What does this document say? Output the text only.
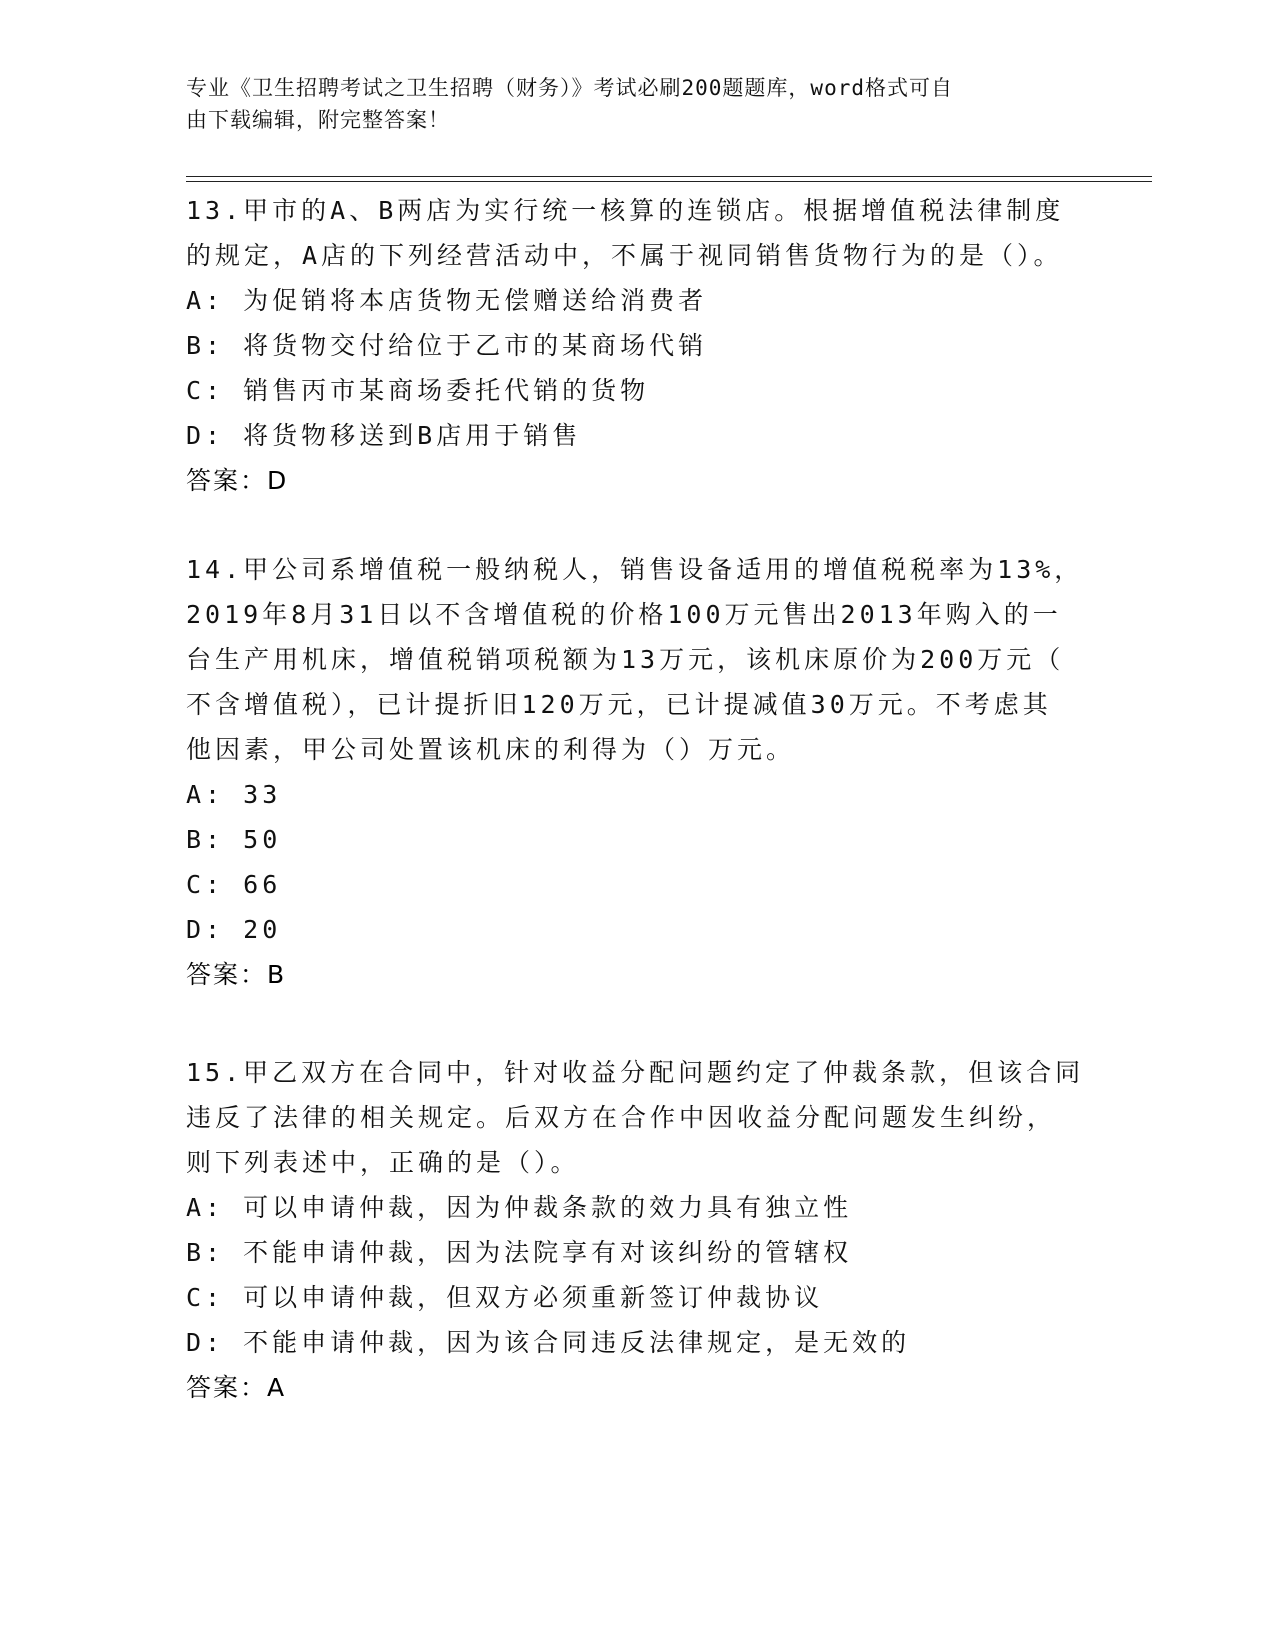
专业《卫生招聘考试之卫生招聘（财务）》考试必刷200题题库，word格式可自
由下载编辑，附完整答案！

13.甲市的A、B两店为实行统一核算的连锁店。根据增值税法律制度

的规定，A店的下列经营活动中，不属于视同销售货物行为的是（）。

A: 为促销将本店货物无偿赠送给消费者

B: 将货物交付给位于乙市的某商场代销

C: 销售丙市某商场委托代销的货物

D: 将货物移送到B店用于销售

答案：D

14.甲公司系增值税一般纳税人，销售设备适用的增值税税率为13%，

2019年8月31日以不含增值税的价格100万元售出2013年购入的一

台生产用机床，增值税销项税额为13万元，该机床原价为200万元（

不含增值税），已计提折旧120万元，已计提减值30万元。不考虑其

他因素，甲公司处置该机床的利得为（）万元。

A: 33

B: 50

C: 66

D: 20

答案：B

15.甲乙双方在合同中，针对收益分配问题约定了仲裁条款，但该合同

违反了法律的相关规定。后双方在合作中因收益分配问题发生纠纷，

则下列表述中，正确的是（）。

A: 可以申请仲裁，因为仲裁条款的效力具有独立性

B: 不能申请仲裁，因为法院享有对该纠纷的管辖权

C: 可以申请仲裁，但双方必须重新签订仲裁协议

D: 不能申请仲裁，因为该合同违反法律规定，是无效的

答案：A
